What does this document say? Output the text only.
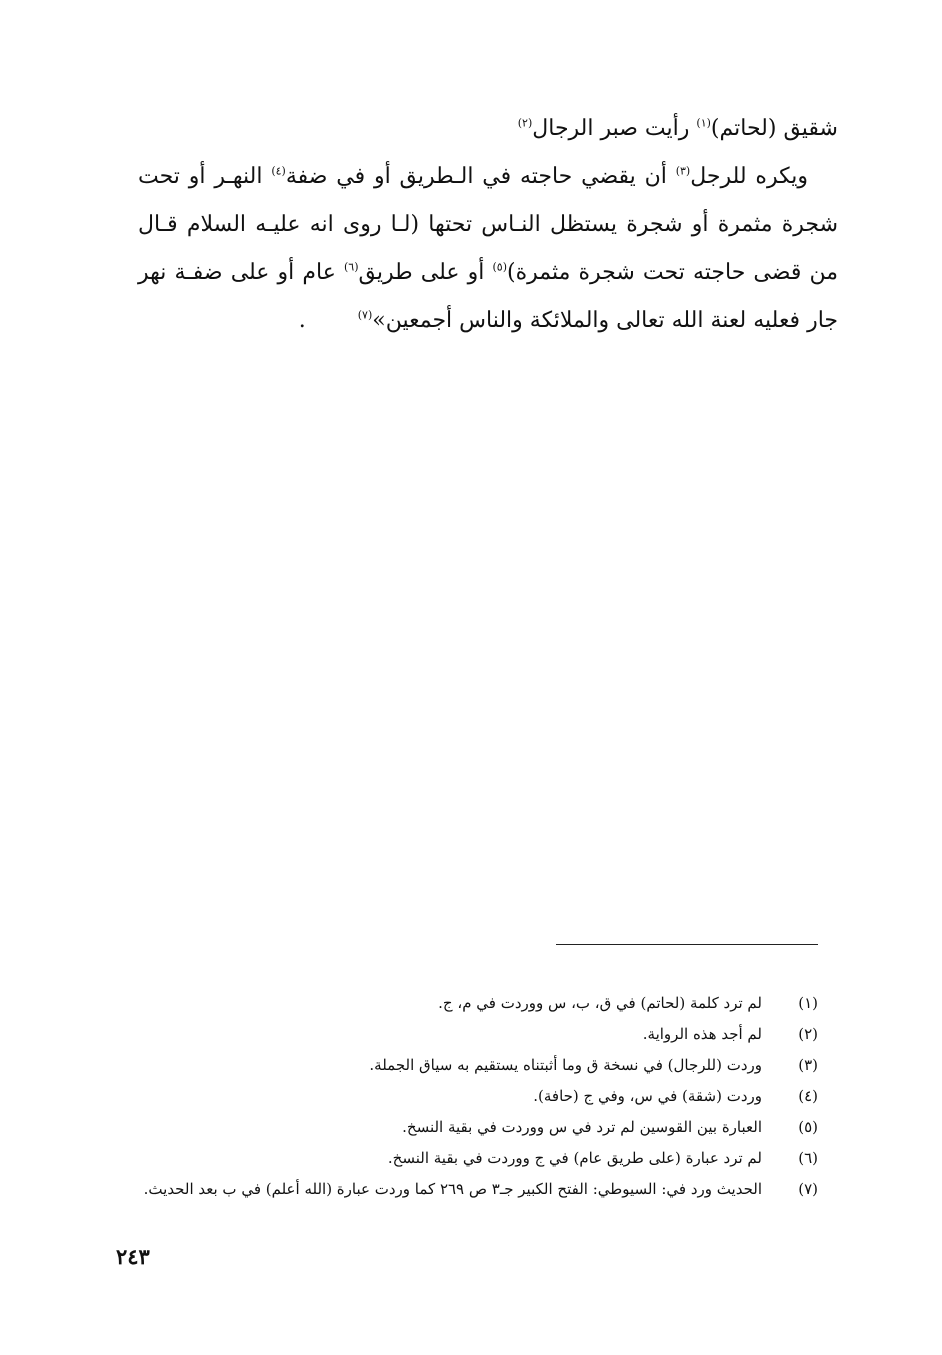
شقيق (لحاتم)$^{(١)}$ رأيت صبر الرجال$^{(٢)}$

ويكره للرجل$^{(٣)}$ أن يقضي حاجته في الـطريق أو في ضفة$^{(٤)}$ النهـر أو تحت شجرة مثمرة أو شجرة يستظل النـاس تحتها (لـا روى انه عليـه السلام قـال من قضى حاجته تحت شجرة مثمرة)$^{(٥)}$ أو على طريق$^{(٦)}$ عام أو على ضفـة نهر جار فعليه لعنة الله تعالى والملائكة والناس أجمعين»$^{(٧)}$.

(١)
لم ترد كلمة (لحاتم) في ق، ب، س ووردت في م، ج.
(٢)
لم أجد هذه الرواية.
(٣)
وردت (للرجال) في نسخة ق وما أثبتناه يستقيم به سياق الجملة.
(٤)
وردت (شقة) في س، وفي ج (حافة).
(٥)
العبارة بين القوسين لم ترد في س ووردت في بقية النسخ.
(٦)
لم ترد عبارة (على طريق عام) في ج ووردت في بقية النسخ.
(٧)
الحديث ورد في: السيوطي: الفتح الكبير جـ٣ ص ٢٦٩ كما وردت عبارة (الله أعلم) في ب بعد الحديث.
٢٤٣
